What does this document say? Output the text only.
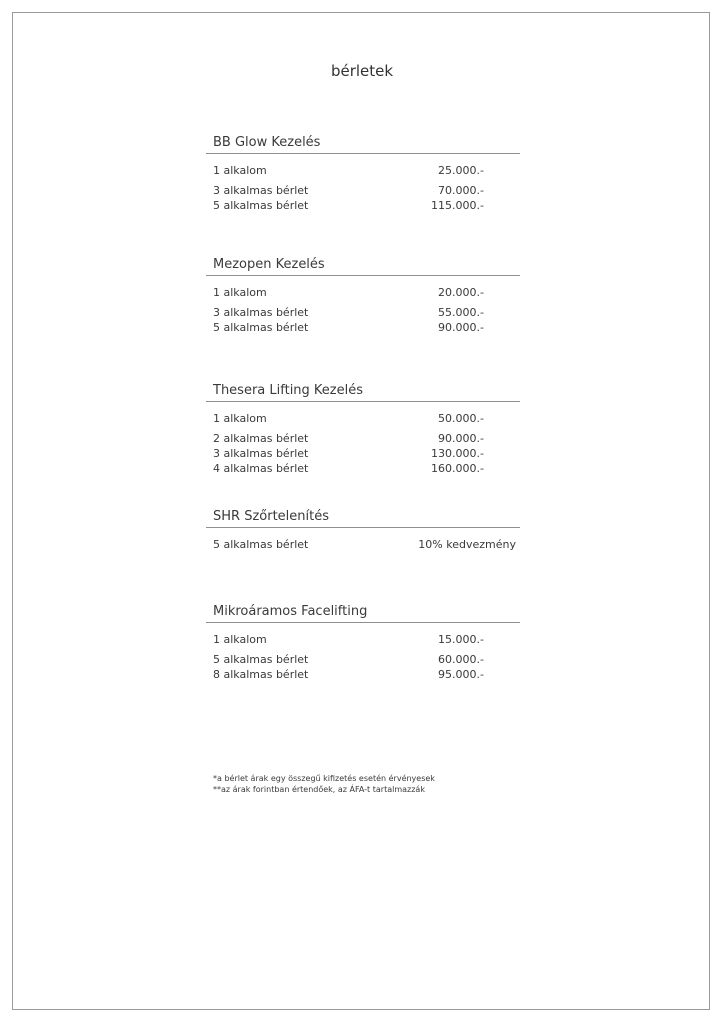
bérletek
BB Glow Kezelés
1 alkalom	25.000.-
3 alkalmas bérlet	70.000.-
5 alkalmas bérlet	115.000.-
Mezopen Kezelés
1 alkalom	20.000.-
3 alkalmas bérlet	55.000.-
5 alkalmas bérlet	90.000.-
Thesera Lifting Kezelés
1 alkalom	50.000.-
2 alkalmas bérlet	90.000.-
3 alkalmas bérlet	130.000.-
4 alkalmas bérlet	160.000.-
SHR Szőrtelenítés
5 alkalmas bérlet	10% kedvezmény
Mikroáramos Facelifting
1 alkalom	15.000.-
5 alkalmas bérlet	60.000.-
8 alkalmas bérlet	95.000.-

*a bérlet árak egy összegű kifizetés esetén érvényesek

**az árak forintban értendőek, az ÁFA-t tartalmazzák
